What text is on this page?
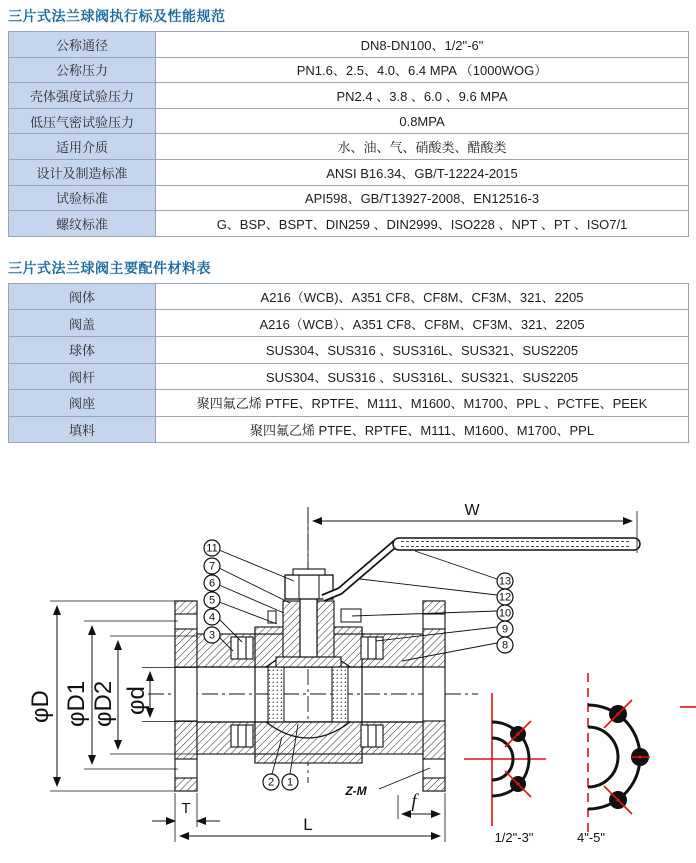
三片式法兰球阀执行标及性能规范
公称通径	DN8-DN100、1/2"-6"
公称压力	PN1.6、2.5、4.0、6.4 MPA （1000WOG）
壳体强度试验压力	PN2.4 、3.8 、6.0 、9.6 MPA
低压气密试验压力	0.8MPA
适用介质	水、油、气、硝酸类、醋酸类
设计及制造标准	ANSI B16.34、GB/T-12224-2015
试验标准	API598、GB/T13927-2008、EN12516-3
螺纹标准	G、BSP、BSPT、DIN259 、DIN2999、ISO228 、NPT 、PT 、ISO7/1
三片式法兰球阀主要配件材料表
阀体	A216（WCB)、A351 CF8、CF8M、CF3M、321、2205
阀盖	A216（WCB）、A351 CF8、CF8M、CF3M、321、2205
球体	SUS304、SUS316 、SUS316L、SUS321、SUS2205
阀杆	SUS304、SUS316 、SUS316L、SUS321、SUS2205
阀座	聚四氟乙烯 PTFE、RPTFE、M111、M1600、M1700、PPL 、PCTFE、PEEK
填料	聚四氟乙烯 PTFE、RPTFE、M111、M1600、M1700、PPL
W
φD φD1 φD2 φd
T
L
f
Z-M
11
7
6
5
4
3
13
12
10
9
8
2 1
1/2"-3"	4"-5"
